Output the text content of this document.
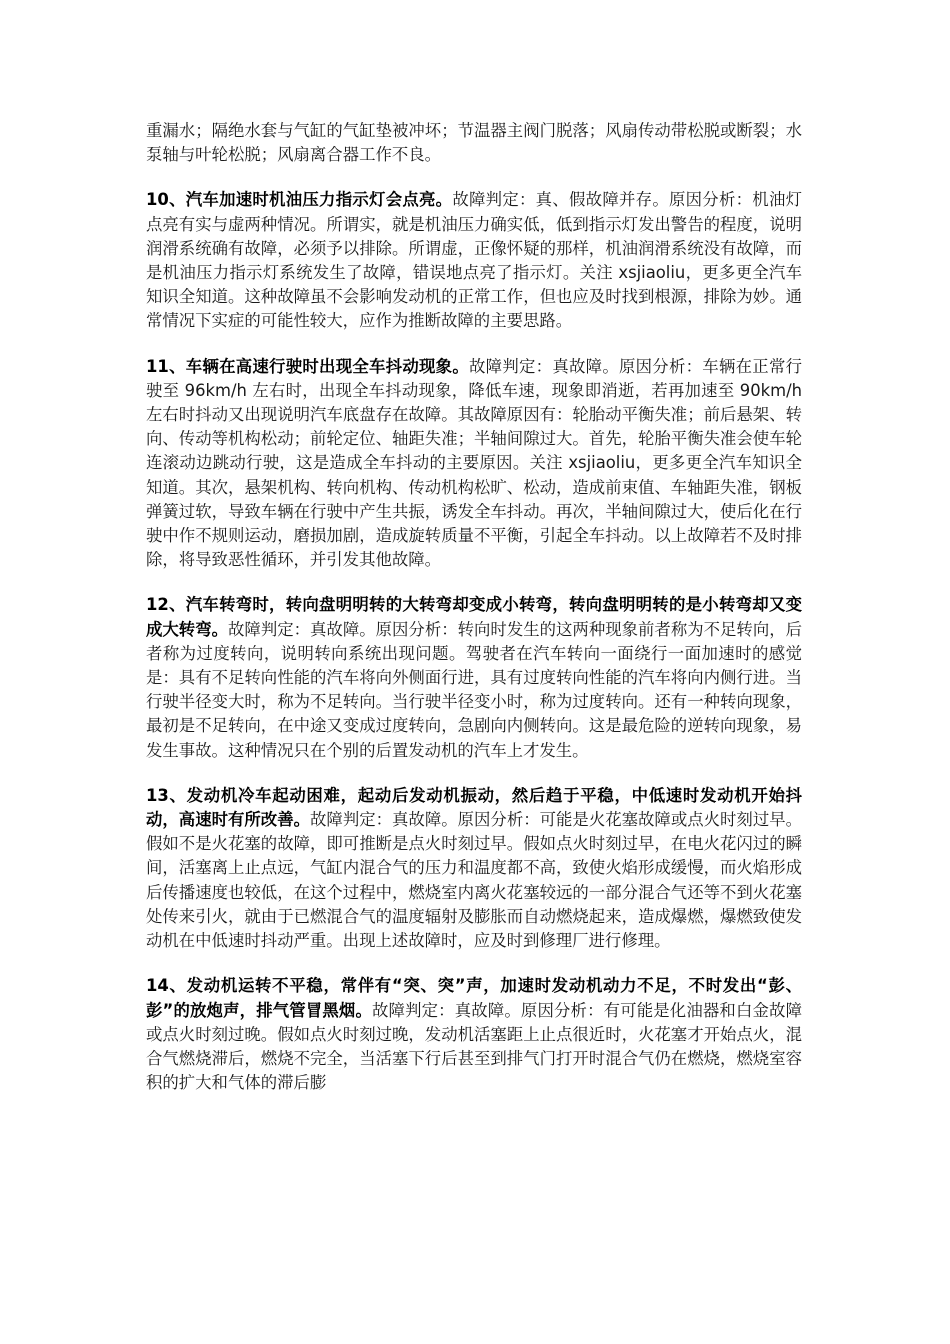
重漏水；隔绝水套与气缸的气缸垫被冲坏；节温器主阀门脱落；风扇传动带松脱或断裂；水泵轴与叶轮松脱；风扇离合器工作不良。

10、汽车加速时机油压力指示灯会点亮。故障判定：真、假故障并存。原因分析：机油灯点亮有实与虚两种情况。所谓实，就是机油压力确实低，低到指示灯发出警告的程度，说明润滑系统确有故障，必须予以排除。所谓虚，正像怀疑的那样，机油润滑系统没有故障，而是机油压力指示灯系统发生了故障，错误地点亮了指示灯。关注 xsjiaoliu，更多更全汽车知识全知道。这种故障虽不会影响发动机的正常工作，但也应及时找到根源，排除为妙。通常情况下实症的可能性较大，应作为推断故障的主要思路。

11、车辆在高速行驶时出现全车抖动现象。故障判定：真故障。原因分析：车辆在正常行驶至 96km/h 左右时，出现全车抖动现象，降低车速，现象即消逝，若再加速至 90km/h 左右时抖动又出现说明汽车底盘存在故障。其故障原因有：轮胎动平衡失准；前后悬架、转向、传动等机构松动；前轮定位、轴距失准；半轴间隙过大。首先，轮胎平衡失准会使车轮连滚动边跳动行驶，这是造成全车抖动的主要原因。关注 xsjiaoliu，更多更全汽车知识全知道。其次，悬架机构、转向机构、传动机构松旷、松动，造成前束值、车轴距失准，钢板弹簧过软，导致车辆在行驶中产生共振，诱发全车抖动。再次，半轴间隙过大，使后化在行驶中作不规则运动，磨损加剧，造成旋转质量不平衡，引起全车抖动。以上故障若不及时排除，将导致恶性循环，并引发其他故障。

12、汽车转弯时，转向盘明明转的大转弯却变成小转弯，转向盘明明转的是小转弯却又变成大转弯。故障判定：真故障。原因分析：转向时发生的这两种现象前者称为不足转向，后者称为过度转向，说明转向系统出现问题。驾驶者在汽车转向一面绕行一面加速时的感觉是：具有不足转向性能的汽车将向外侧面行进，具有过度转向性能的汽车将向内侧行进。当行驶半径变大时，称为不足转向。当行驶半径变小时，称为过度转向。还有一种转向现象，最初是不足转向，在中途又变成过度转向，急剧向内侧转向。这是最危险的逆转向现象，易发生事故。这种情况只在个别的后置发动机的汽车上才发生。

13、发动机冷车起动困难，起动后发动机振动，然后趋于平稳，中低速时发动机开始抖动，高速时有所改善。故障判定：真故障。原因分析：可能是火花塞故障或点火时刻过早。假如不是火花塞的故障，即可推断是点火时刻过早。假如点火时刻过早，在电火花闪过的瞬间，活塞离上止点远，气缸内混合气的压力和温度都不高，致使火焰形成缓慢，而火焰形成后传播速度也较低，在这个过程中，燃烧室内离火花塞较远的一部分混合气还等不到火花塞处传来引火，就由于已燃混合气的温度辐射及膨胀而自动燃烧起来，造成爆燃，爆燃致使发动机在中低速时抖动严重。出现上述故障时，应及时到修理厂进行修理。

14、发动机运转不平稳，常伴有“突、突”声，加速时发动机动力不足，不时发出“彭、彭”的放炮声，排气管冒黑烟。故障判定：真故障。原因分析：有可能是化油器和白金故障或点火时刻过晚。假如点火时刻过晚，发动机活塞距上止点很近时，火花塞才开始点火，混合气燃烧滞后，燃烧不完全，当活塞下行后甚至到排气门打开时混合气仍在燃烧，燃烧室容积的扩大和气体的滞后膨
